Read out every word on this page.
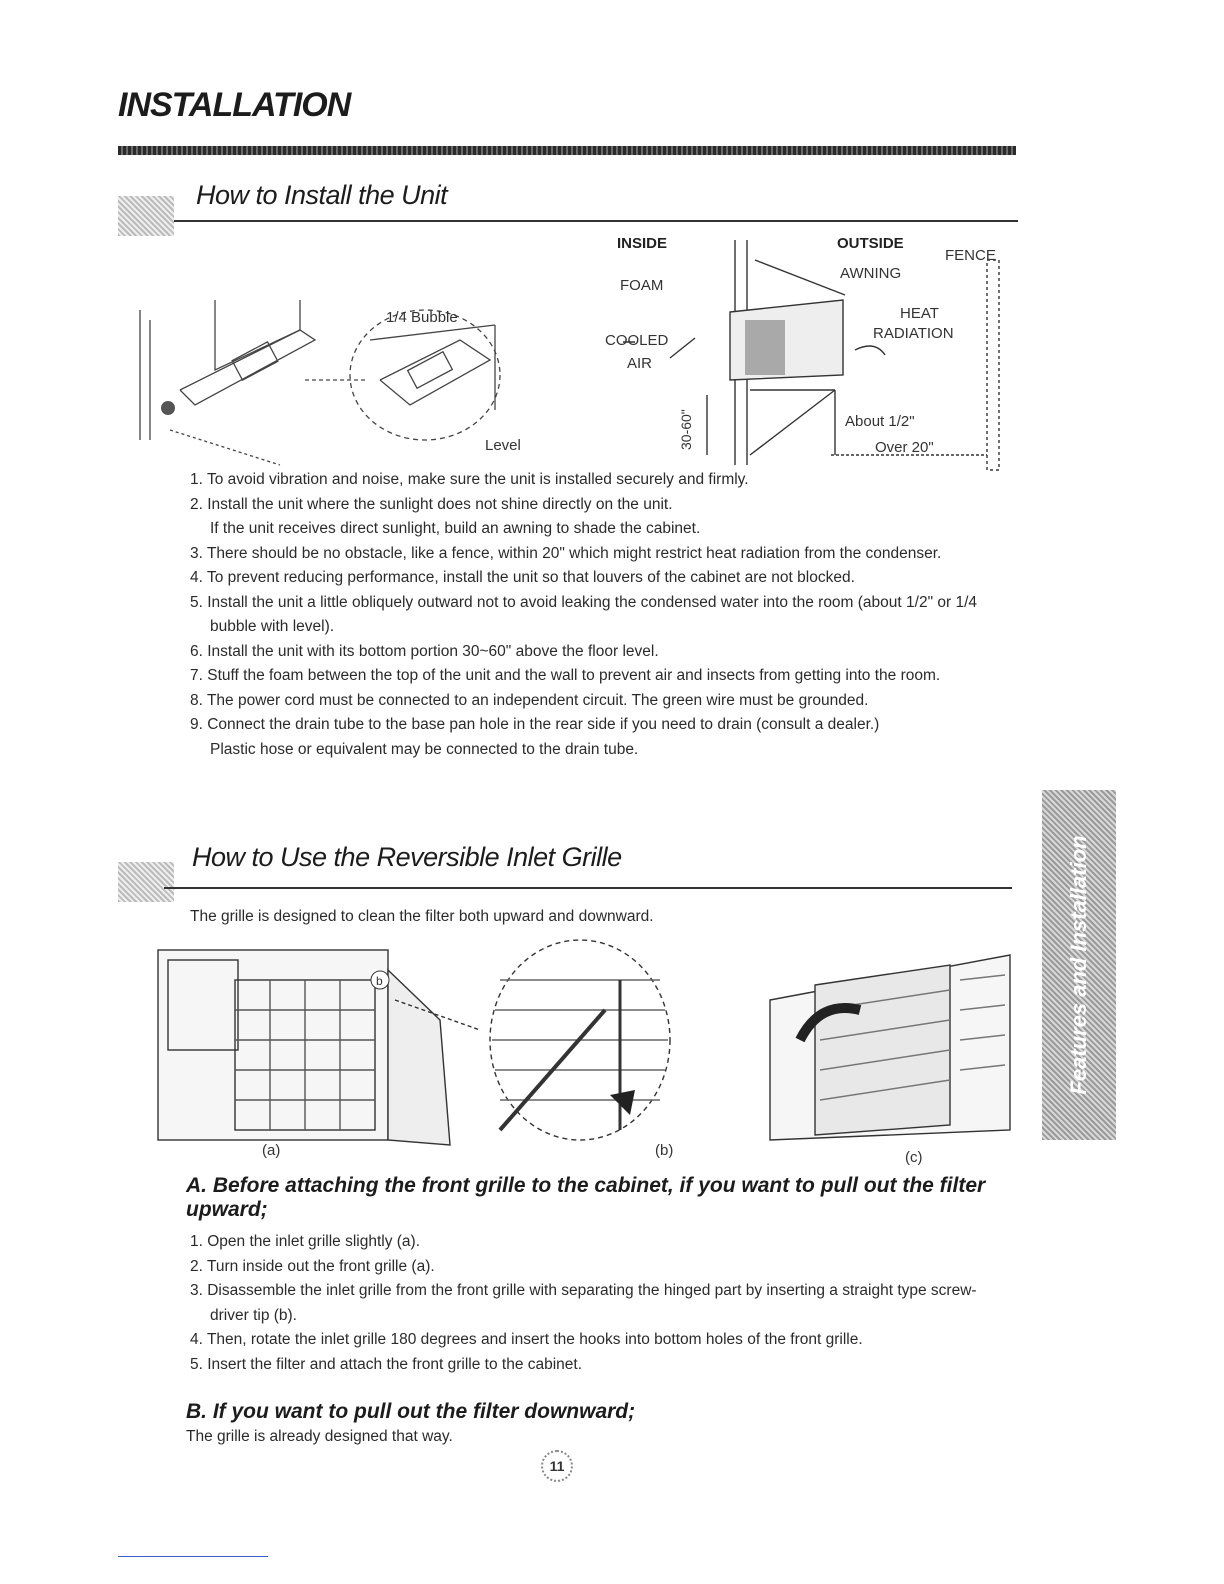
INSTALLATION
How to Install the Unit
1/4 Bubble
Level
INSIDE	OUTSIDE
FENCE
AWNING
FOAM
HEAT
RADIATION
COOLED
AIR
30-60"	About 1/2"
Over 20"
1. To avoid vibration and noise, make sure the unit is installed securely and firmly.
2. Install the unit where the sunlight does not shine directly on the unit.
If the unit receives direct sunlight, build an awning to shade the cabinet.
3. There should be no obstacle, like a fence, within 20" which might restrict heat radiation from the condenser.
4. To prevent reducing performance, install the unit so that louvers of the cabinet are not blocked.
5. Install the unit a little obliquely outward not to avoid leaking the condensed water into the room (about 1/2" or 1/4 bubble with level).
6. Install the unit with its bottom portion 30~60" above the floor level.
7. Stuff the foam between the top of the unit and the wall to prevent air and insects from getting into the room.
8. The power cord must be connected to an independent circuit. The green wire must be grounded.
9. Connect the drain tube to the base pan hole in the rear side if you need to drain (consult a dealer.)
Plastic hose or equivalent may be connected to the drain tube.
How to Use the Reversible Inlet Grille
The grille is designed to clean the filter both upward and downward.
b
(a)	(b)	(c)
A. Before attaching the front grille to the cabinet, if you want to pull out the filter upward;
1. Open the inlet grille slightly (a).
2. Turn inside out the front grille (a).
3. Disassemble the inlet grille from the front grille with separating the hinged part by inserting a straight type screw-driver tip (b).
4. Then, rotate the inlet grille 180 degrees and insert the hooks into bottom holes of the front grille.
5. Insert the filter and attach the front grille to the cabinet.
B. If you want to pull out the filter downward;
The grille is already designed that way.
Features and Installation
11
